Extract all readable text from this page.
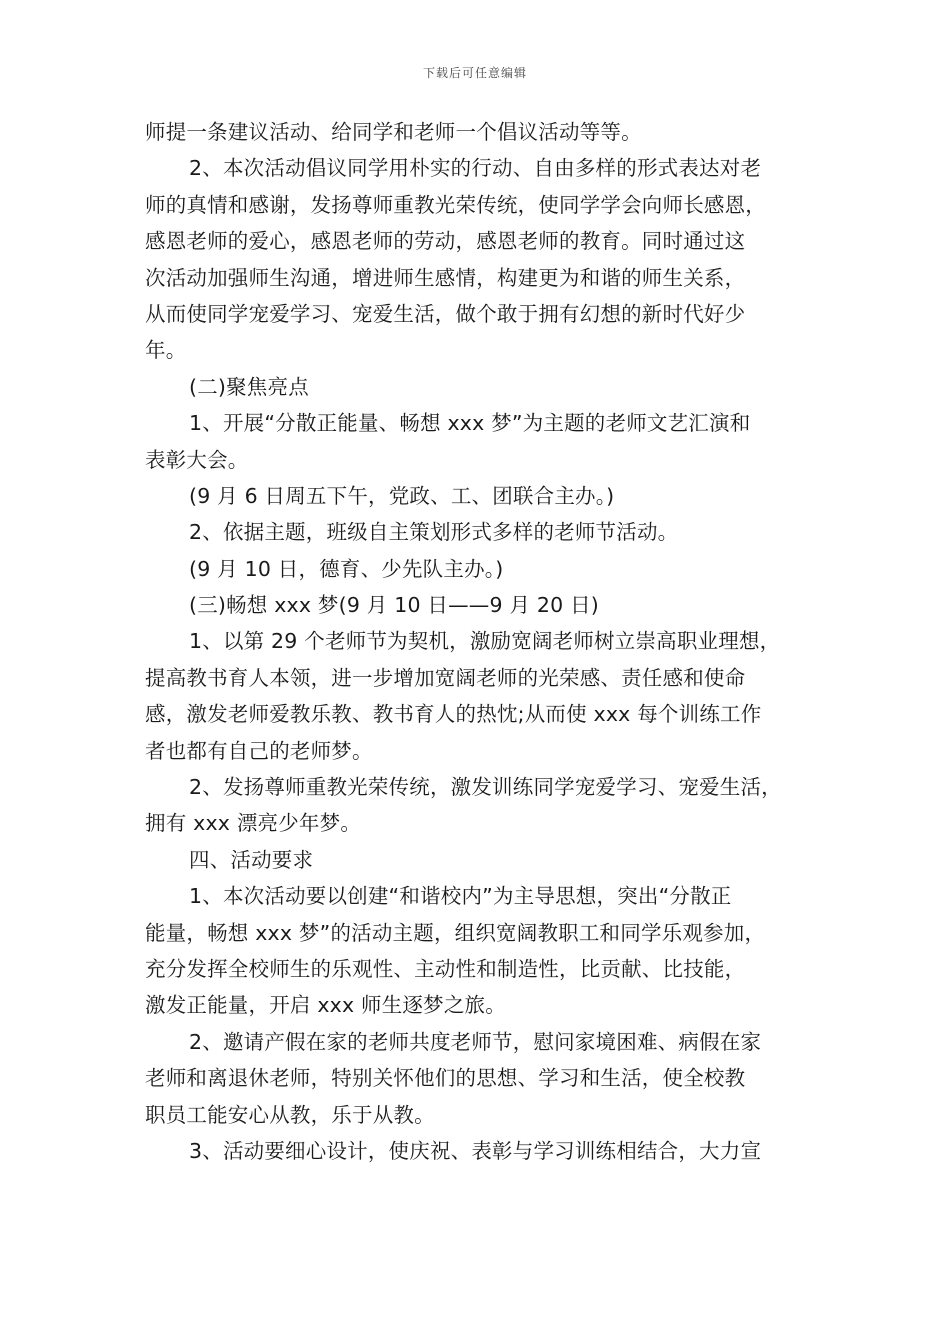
下载后可任意编辑
师提一条建议活动、给同学和老师一个倡议活动等等。
2、本次活动倡议同学用朴实的行动、自由多样的形式表达对老
师的真情和感谢，发扬尊师重教光荣传统，使同学学会向师长感恩，
感恩老师的爱心，感恩老师的劳动，感恩老师的教育。同时通过这
次活动加强师生沟通，增进师生感情，构建更为和谐的师生关系，
从而使同学宠爱学习、宠爱生活，做个敢于拥有幻想的新时代好少
年。
(二)聚焦亮点
1、开展“分散正能量、畅想 xxx 梦”为主题的老师文艺汇演和
表彰大会。
(9 月 6 日周五下午，党政、工、团联合主办。)
2、依据主题，班级自主策划形式多样的老师节活动。
(9 月 10 日，德育、少先队主办。)
(三)畅想 xxx 梦(9 月 10 日——9 月 20 日)
1、以第 29 个老师节为契机，激励宽阔老师树立崇高职业理想，
提高教书育人本领，进一步增加宽阔老师的光荣感、责任感和使命
感，激发老师爱教乐教、教书育人的热忱;从而使 xxx 每个训练工作
者也都有自己的老师梦。
2、发扬尊师重教光荣传统，激发训练同学宠爱学习、宠爱生活，
拥有 xxx 漂亮少年梦。
四、活动要求
1、本次活动要以创建“和谐校内”为主导思想，突出“分散正
能量，畅想 xxx 梦”的活动主题，组织宽阔教职工和同学乐观参加，
充分发挥全校师生的乐观性、主动性和制造性，比贡献、比技能，
激发正能量，开启 xxx 师生逐梦之旅。
2、邀请产假在家的老师共度老师节，慰问家境困难、病假在家
老师和离退休老师，特别关怀他们的思想、学习和生活，使全校教
职员工能安心从教，乐于从教。
3、活动要细心设计，使庆祝、表彰与学习训练相结合，大力宣
